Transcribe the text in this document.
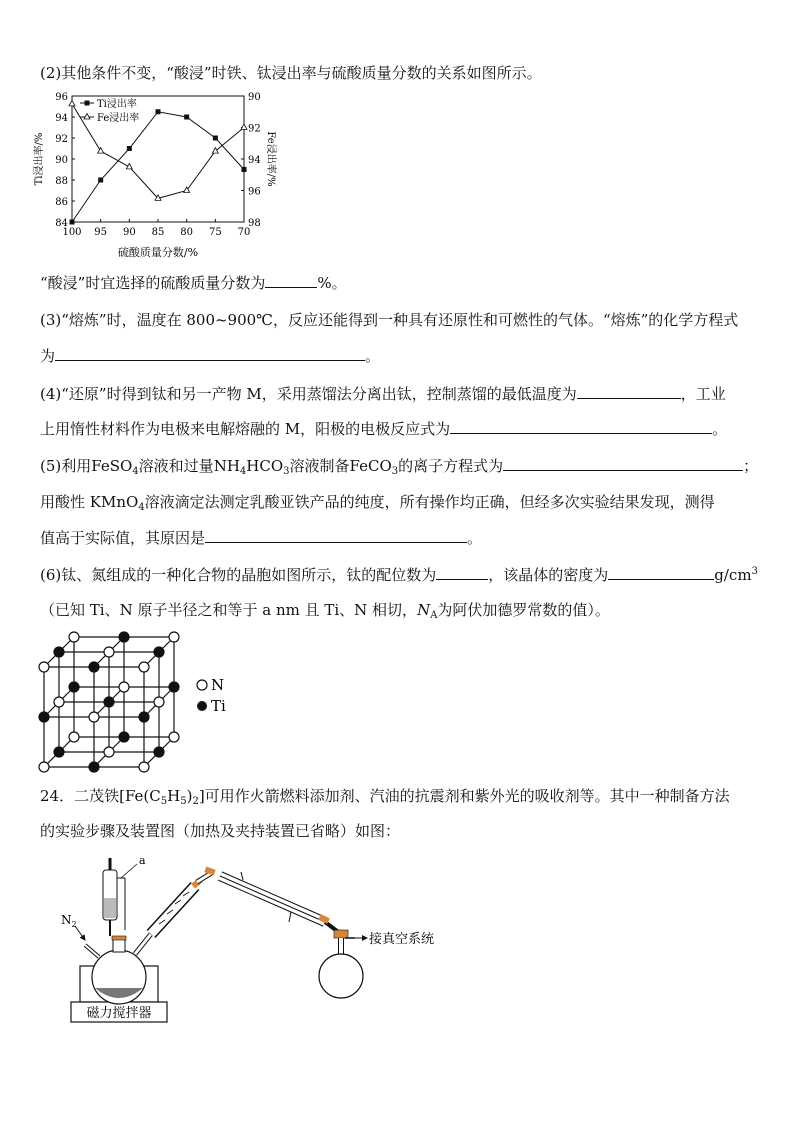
(2)其他条件不变，“酸浸”时铁、钛浸出率与硫酸质量分数的关系如图所示。
84
86
88
90
92
94
96	90
92
94
96
98
100 95 90 85 80 75 70
Ti浸出率/%	Fe浸出率/%
硫酸质量分数/%
Ti浸出率
Fe浸出率
“酸浸”时宜选择的硫酸质量分数为	%。
(3)“熔炼”时，温度在 800~900℃，反应还能得到一种具有还原性和可燃性的气体。“熔炼”的化学方程式
为	。
(4)“还原”时得到钛和另一产物 M，采用蒸馏法分离出钛，控制蒸馏的最低温度为	，工业
上用惰性材料作为电极来电解熔融的 M，阳极的电极反应式为	。
(5)利用FeSO$_4$溶液和过量$NH_4HCO_3$溶液制备FeCO$_3$的离子方程式为	；
用酸性 KMnO$_4$溶液滴定法测定乳酸亚铁产品的纯度，所有操作均正确，但经多次实验结果发现，测得
值高于实际值，其原因是	。
(6)钛、氮组成的一种化合物的晶胞如图所示，钛的配位数为	，该晶体的密度为	$g/cm^3$
（已知 Ti、N 原子半径之和等于 a nm 且 Ti、N 相切，$N_A$为阿伏加德罗常数的值）。
N
Ti
24．二茂铁$[Fe(C_5H_5)_2]$可用作火箭燃料添加剂、汽油的抗震剂和紫外光的吸收剂等。其中一种制备方法
的实验步骤及装置图（加热及夹持装置已省略）如图：
磁力搅拌器
$N_2$
a
接真空系统
